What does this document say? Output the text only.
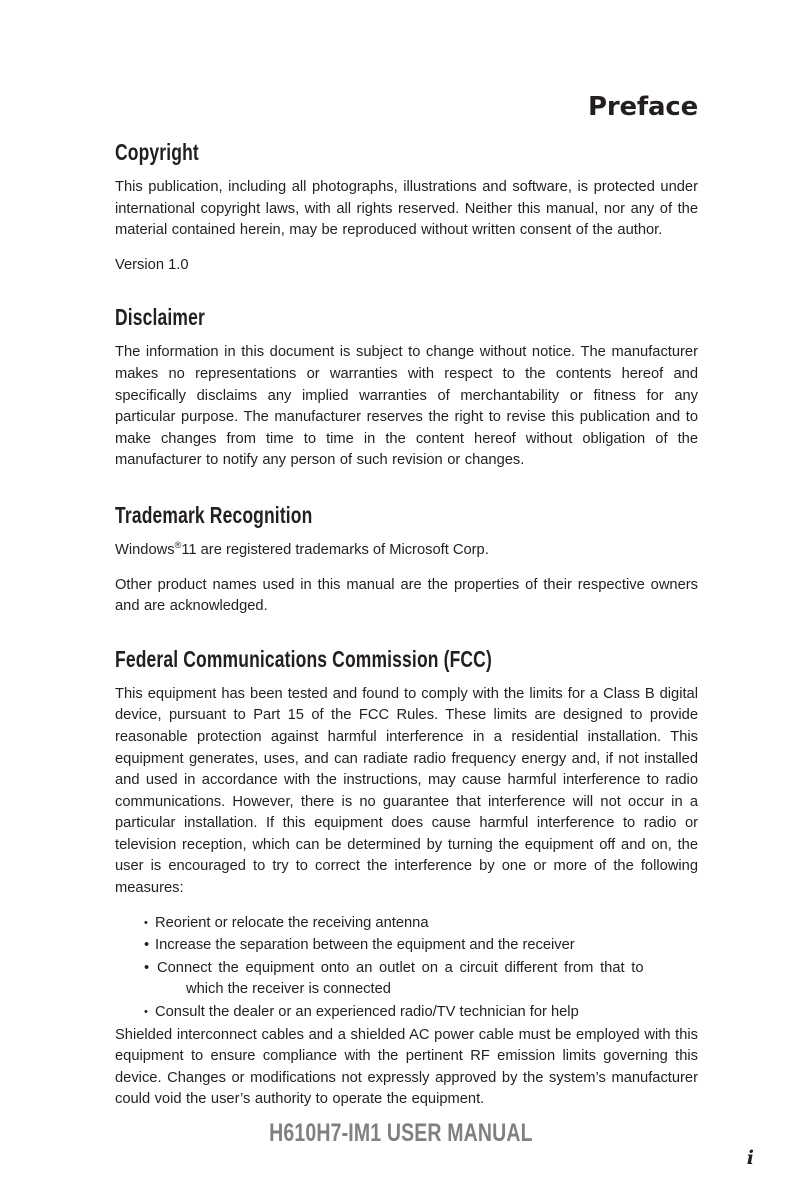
Preface
Copyright

This publication, including all photographs, illustrations and software, is protected under international copyright laws, with all rights reserved. Neither this manual, nor any of the material contained herein, may be reproduced without written consent of the author.

Version 1.0

Disclaimer

The information in this document is subject to change without notice. The manufacturer makes no representations or warranties with respect to the contents hereof and specifically disclaims any implied warranties of merchantability or fitness for any particular purpose. The manufacturer reserves the right to revise this publication and to make changes from time to time in the content hereof without obligation of the manufacturer to notify any person of such revision or changes.

Trademark Recognition

Windows®11 are registered trademarks of Microsoft Corp.

Other product names used in this manual are the properties of their respective owners and are acknowledged.

Federal Communications Commission (FCC)

This equipment has been tested and found to comply with the limits for a Class B digital device, pursuant to Part 15 of the FCC Rules. These limits are designed to provide reasonable protection against harmful interference in a residential installation. This equipment generates, uses, and can radiate radio frequency energy and, if not installed and used in accordance with the instructions, may cause harmful interference to radio communications. However, there is no guarantee that interference will not occur in a particular installation. If this equipment does cause harmful interference to radio or television reception, which can be determined by turning the equipment off and on, the user is encouraged to try to correct the interference by one or more of the following measures:

• Reorient or relocate the receiving antenna
• Increase the separation between the equipment and the receiver
• Connect the equipment onto an outlet on a circuit different from that to
which the receiver is connected
• Consult the dealer or an experienced radio/TV technician for help

Shielded interconnect cables and a shielded AC power cable must be employed with this equipment to ensure compliance with the pertinent RF emission limits governing this device. Changes or modifications not expressly approved by the system’s manufacturer could void the user’s authority to operate the equipment.

H610H7-IM1 USER MANUAL
i
